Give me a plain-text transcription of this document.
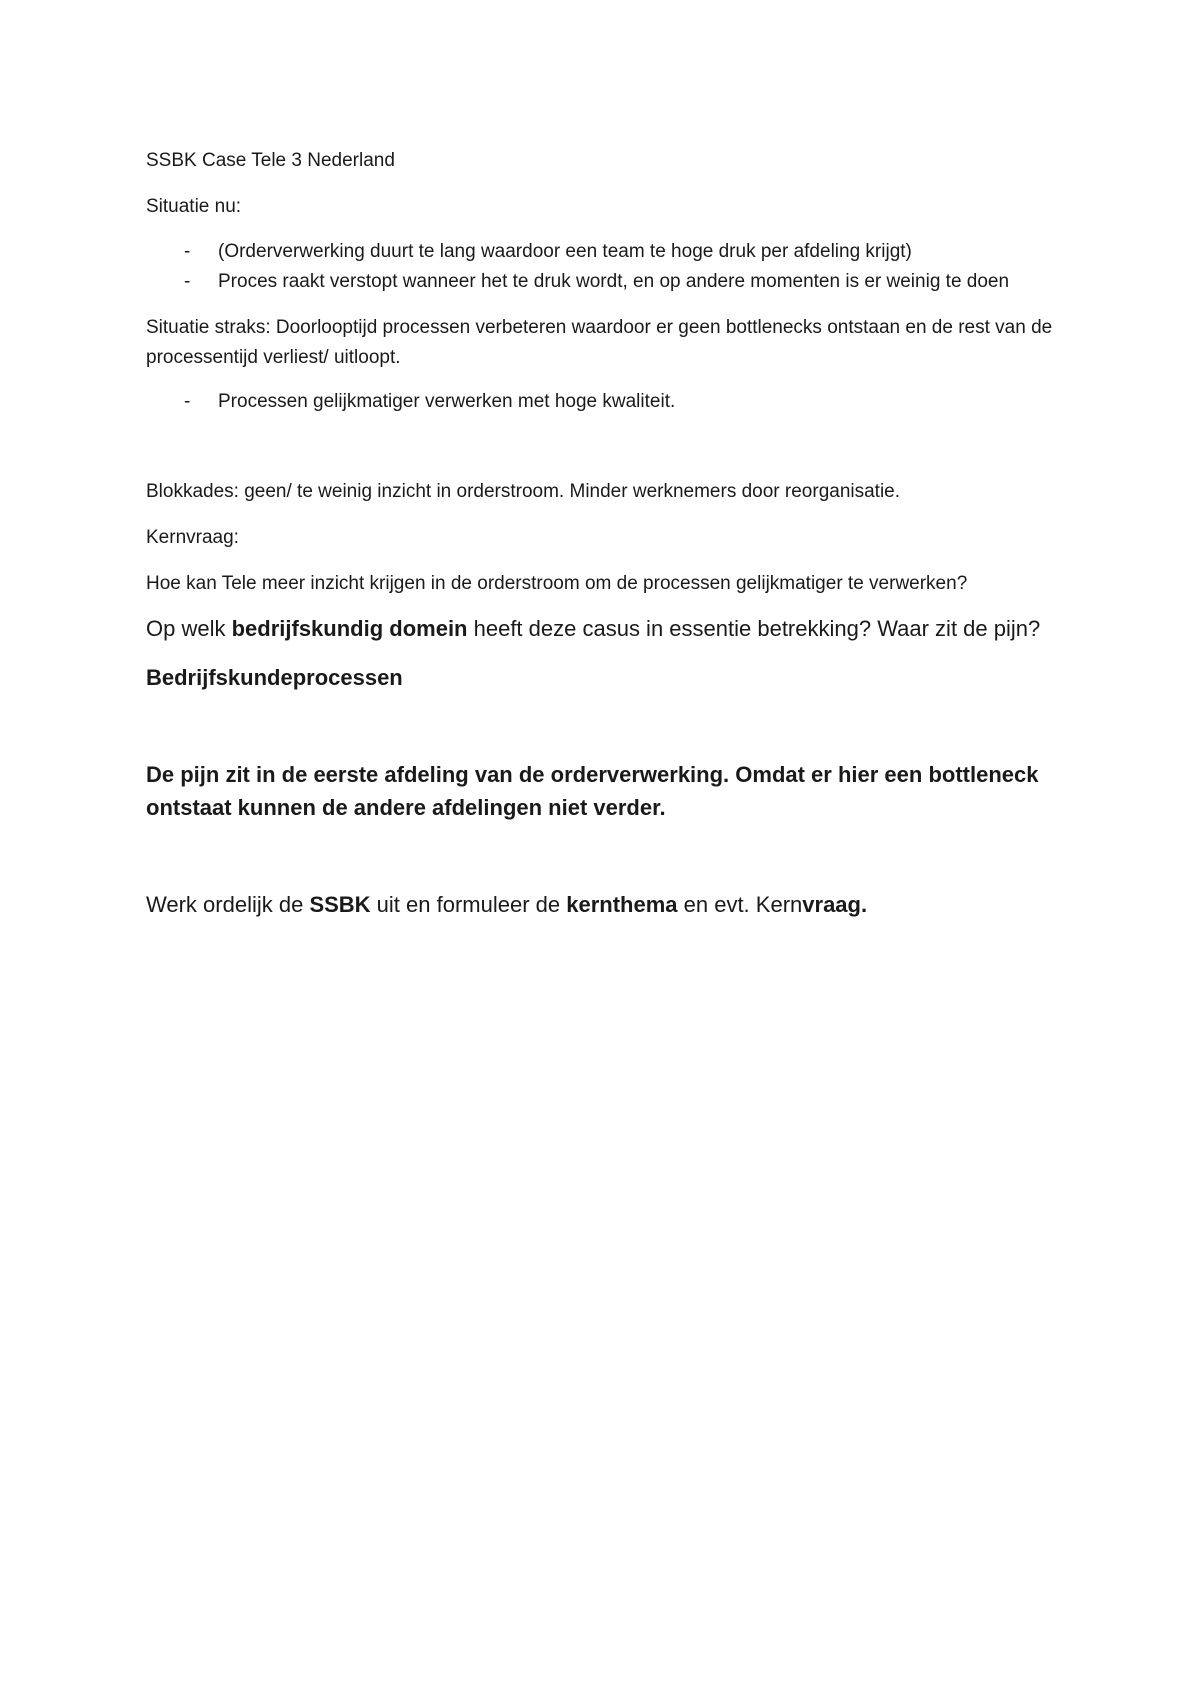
SSBK Case Tele 3 Nederland

Situatie nu:

- (Orderverwerking duurt te lang waardoor een team te hoge druk per afdeling krijgt)
- Proces raakt verstopt wanneer het te druk wordt, en op andere momenten is er weinig te doen

Situatie straks: Doorlooptijd processen verbeteren waardoor er geen bottlenecks ontstaan en de rest van de processentijd verliest/ uitloopt.

- Processen gelijkmatiger verwerken met hoge kwaliteit.

Blokkades: geen/ te weinig inzicht in orderstroom. Minder werknemers door reorganisatie.

Kernvraag:

Hoe kan Tele meer inzicht krijgen in de orderstroom om de processen gelijkmatiger te verwerken?

Op welk bedrijfskundig domein heeft deze casus in essentie betrekking? Waar zit de pijn?

Bedrijfskundeprocessen

De pijn zit in de eerste afdeling van de orderverwerking. Omdat er hier een bottleneck ontstaat kunnen de andere afdelingen niet verder.

Werk ordelijk de SSBK uit en formuleer de kernthema en evt. Kernvraag.
